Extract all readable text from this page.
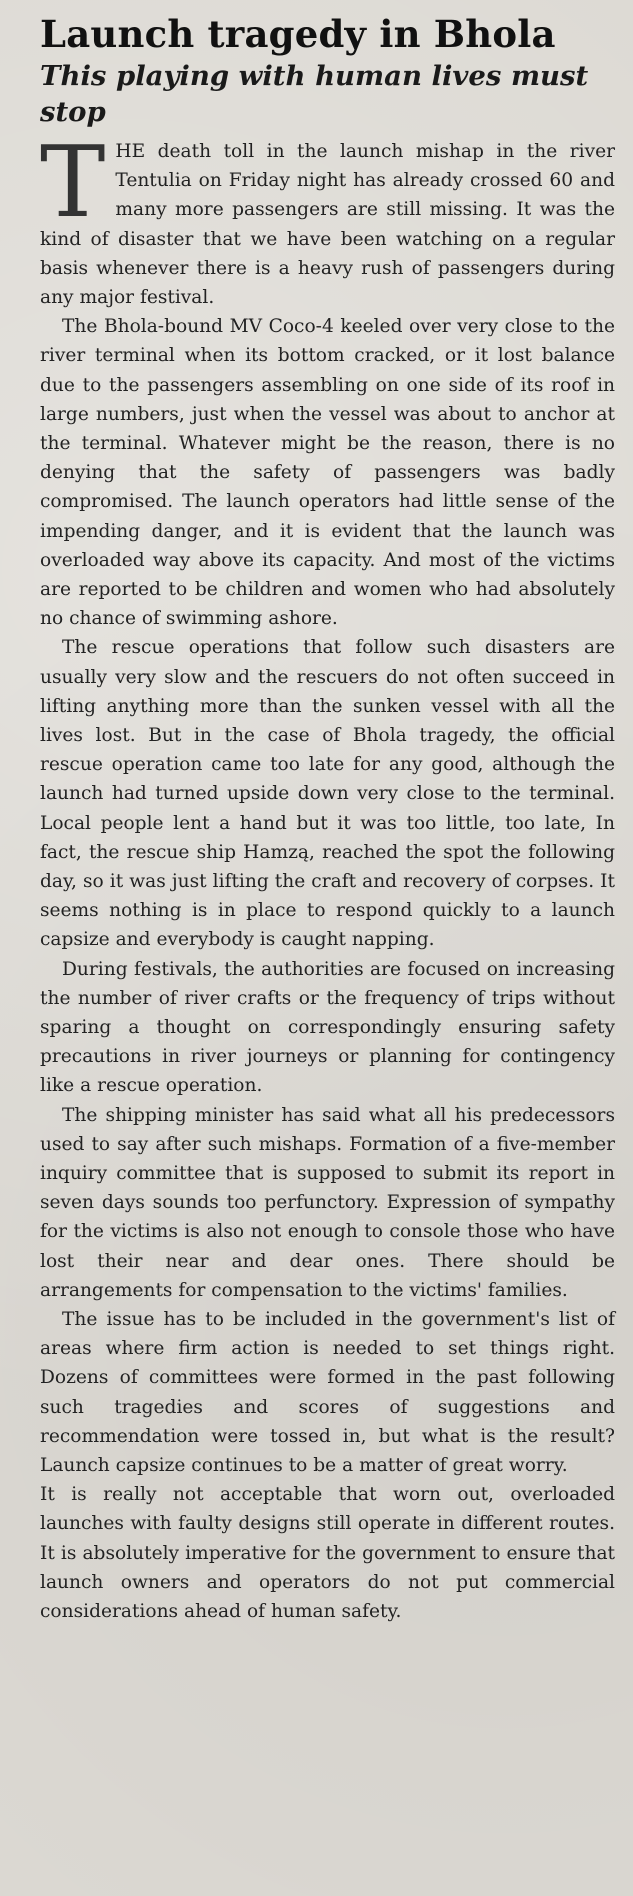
Launch tragedy in Bhola
This playing with human lives must stop

THE death toll in the launch mishap in the river Tentulia on Friday night has already crossed 60 and many more passengers are still missing. It was the kind of disaster that we have been watching on a regular basis whenever there is a heavy rush of passengers during any major festival.

The Bhola-bound MV Coco-4 keeled over very close to the river terminal when its bottom cracked, or it lost balance due to the passengers assembling on one side of its roof in large numbers, just when the vessel was about to anchor at the terminal. Whatever might be the reason, there is no denying that the safety of passengers was badly compromised. The launch operators had little sense of the impending danger, and it is evident that the launch was overloaded way above its capacity. And most of the victims are reported to be children and women who had absolutely no chance of swimming ashore.

The rescue operations that follow such disasters are usually very slow and the rescuers do not often succeed in lifting anything more than the sunken vessel with all the lives lost. But in the case of Bhola tragedy, the official rescue operation came too late for any good, although the launch had turned upside down very close to the terminal. Local people lent a hand but it was too little, too late, In fact, the rescue ship Hamzą, reached the spot the following day, so it was just lifting the craft and recovery of corpses. It seems nothing is in place to respond quickly to a launch capsize and everybody is caught napping.

During festivals, the authorities are focused on increasing the number of river crafts or the frequency of trips without sparing a thought on correspondingly ensuring safety precautions in river journeys or planning for contingency like a rescue operation.

The shipping minister has said what all his predecessors used to say after such mishaps. Formation of a five-member inquiry committee that is supposed to submit its report in seven days sounds too perfunctory. Expression of sympathy for the victims is also not enough to console those who have lost their near and dear ones. There should be arrangements for compensation to the victims' families.

The issue has to be included in the government's list of areas where firm action is needed to set things right. Dozens of committees were formed in the past following such tragedies and scores of suggestions and recommendation were tossed in, but what is the result? Launch capsize continues to be a matter of great worry.

It is really not acceptable that worn out, overloaded launches with faulty designs still operate in different routes. It is absolutely imperative for the government to ensure that launch owners and operators do not put commercial considerations ahead of human safety.
